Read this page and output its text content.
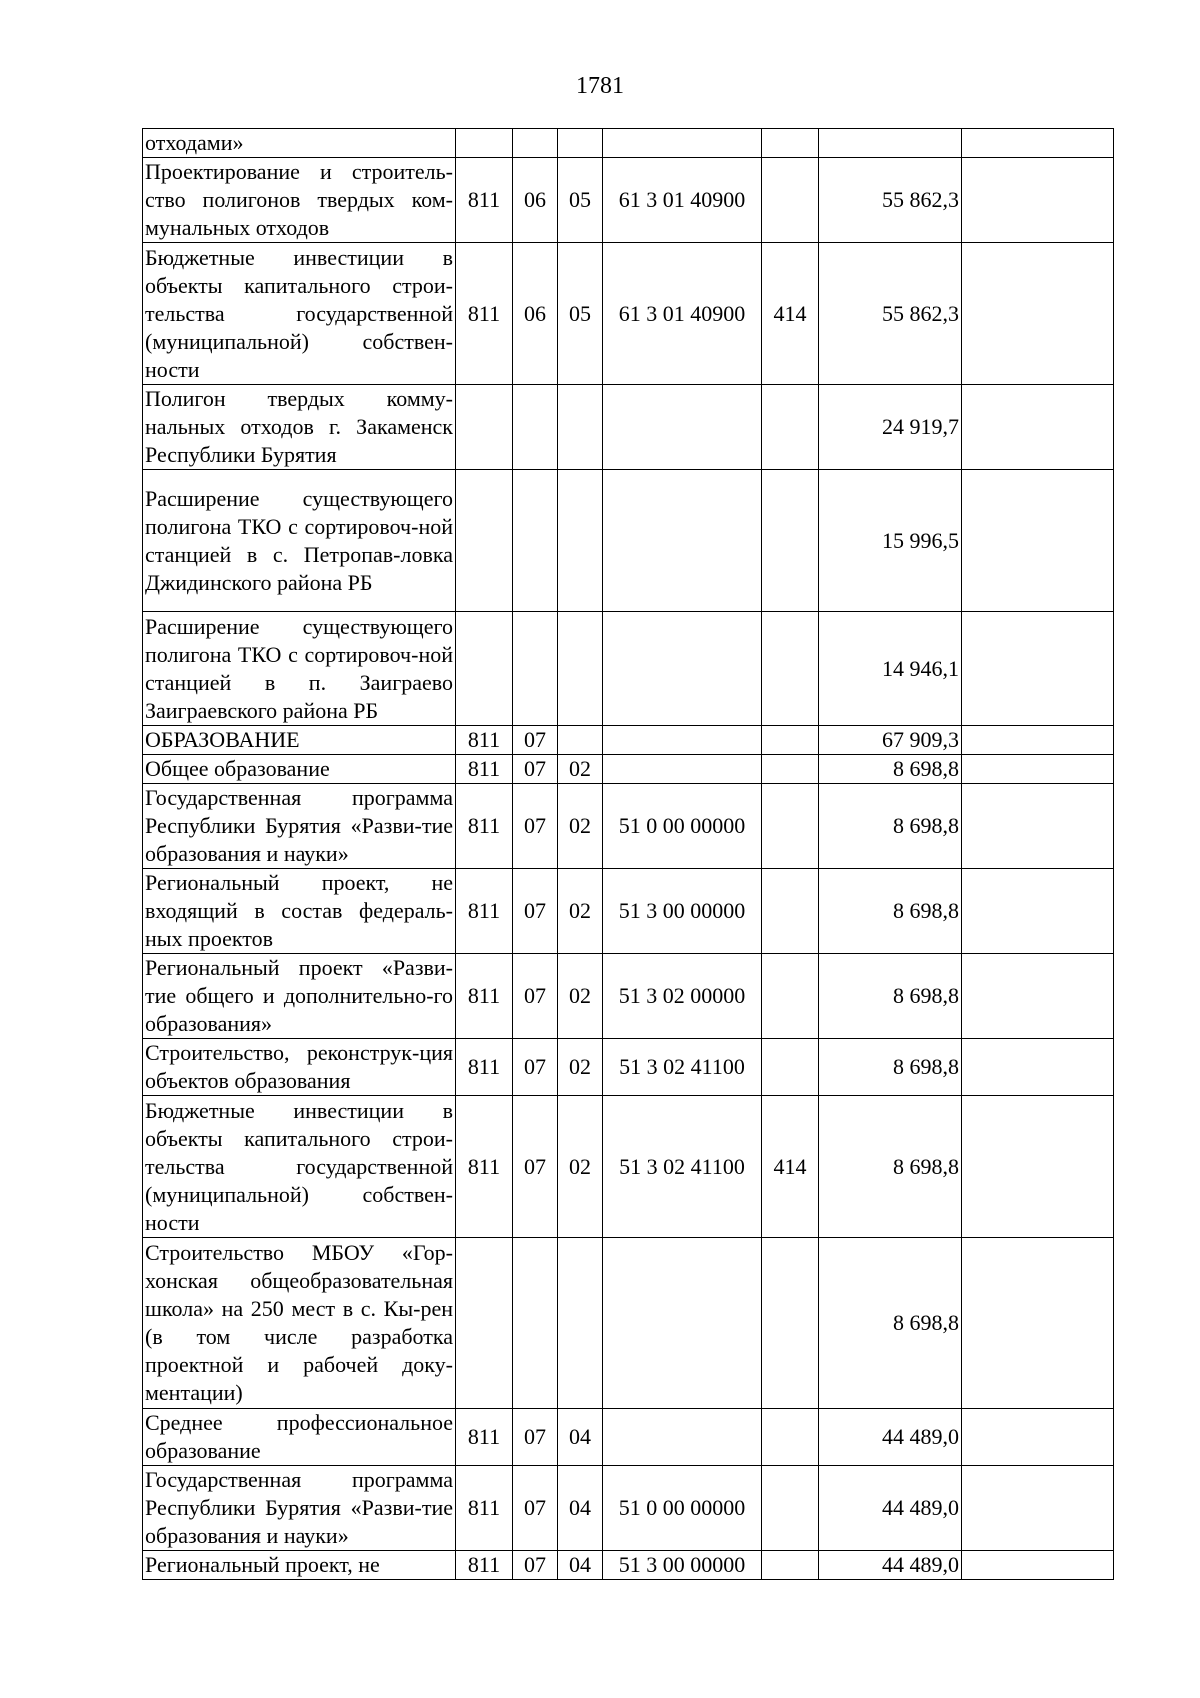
1781
отходами»							
Проектирование и строитель-ство полигонов твердых ком-мунальных отходов	811	06	05	61 3 01 40900		55 862,3	
Бюджетные инвестиции в объекты капитального строи-тельства государственной (муниципальной) собствен-ности	811	06	05	61 3 01 40900	414	55 862,3	
Полигон твердых комму-нальных отходов г. Закаменск Республики Бурятия						24 919,7	
Расширение существующего полигона ТКО с сортировоч-ной станцией в с. Петропав-ловка Джидинского района РБ						15 996,5	
Расширение существующего полигона ТКО с сортировоч-ной станцией в п. Заиграево Заиграевского района РБ						14 946,1	
ОБРАЗОВАНИЕ	811	07				67 909,3	
Общее образование	811	07	02			8 698,8	
Государственная программа Республики Бурятия «Разви-тие образования и науки»	811	07	02	51 0 00 00000		8 698,8	
Региональный проект, не входящий в состав федераль-ных проектов	811	07	02	51 3 00 00000		8 698,8	
Региональный проект «Разви-тие общего и дополнительно-го образования»	811	07	02	51 3 02 00000		8 698,8	
Строительство, реконструк-ция объектов образования	811	07	02	51 3 02 41100		8 698,8	
Бюджетные инвестиции в объекты капитального строи-тельства государственной (муниципальной) собствен-ности	811	07	02	51 3 02 41100	414	8 698,8	
Строительство МБОУ «Гор-хонская общеобразовательная школа» на 250 мест в с. Кы-рен (в том числе разработка проектной и рабочей доку-ментации)						8 698,8	
Среднее профессиональное образование	811	07	04			44 489,0	
Государственная программа Республики Бурятия «Разви-тие образования и науки»	811	07	04	51 0 00 00000		44 489,0	
Региональный проект, не	811	07	04	51 3 00 00000		44 489,0	
